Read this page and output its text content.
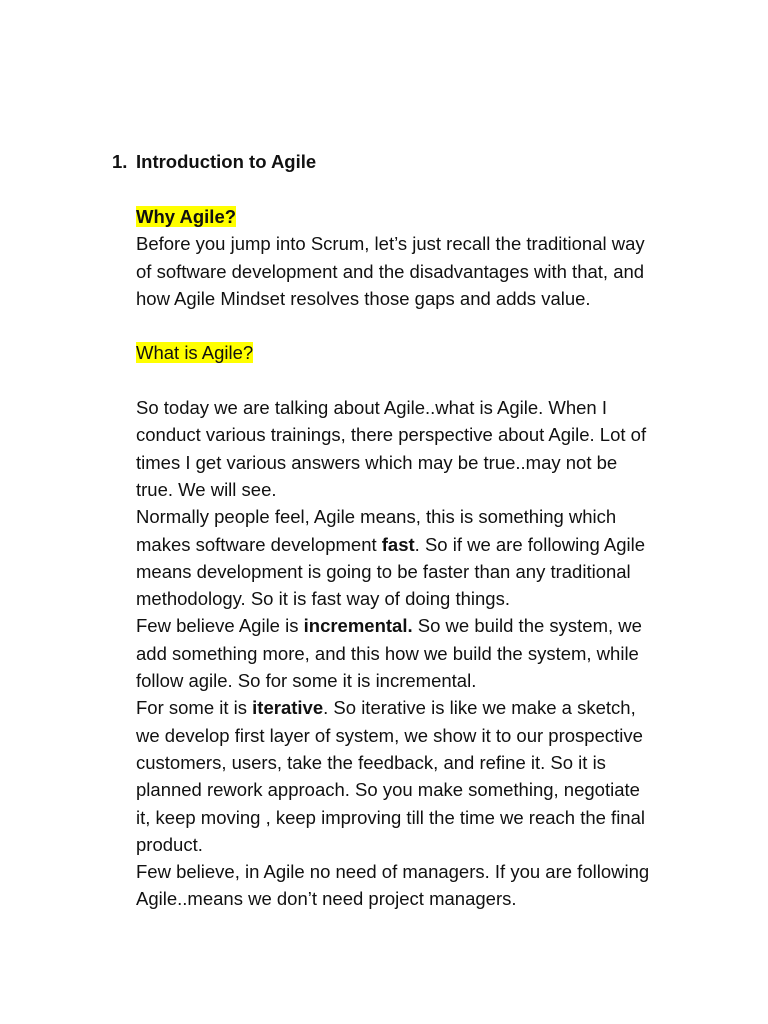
1. Introduction to Agile
Why Agile?
Before you jump into Scrum, let’s just recall the traditional way
of software development and the disadvantages with that, and
how Agile Mindset resolves those gaps and adds value.
What is Agile?
So today we are talking about Agile..what is Agile. When I
conduct various trainings, there perspective about Agile. Lot of
times I get various answers which may be true..may not be
true. We will see.
Normally people feel, Agile means, this is something which
makes software development fast. So if we are following Agile
means development is going to be faster than any traditional
methodology. So it is fast way of doing things.
Few believe Agile is incremental. So we build the system, we
add something more, and this how we build the system, while
follow agile. So for some it is incremental.
For some it is iterative. So iterative is like we make a sketch,
we develop first layer of system, we show it to our prospective
customers, users, take the feedback, and refine it. So it is
planned rework approach. So you make something, negotiate
it, keep moving , keep improving till the time we reach the final
product.
Few believe, in Agile no need of managers. If you are following
Agile..means we don’t need project managers.
